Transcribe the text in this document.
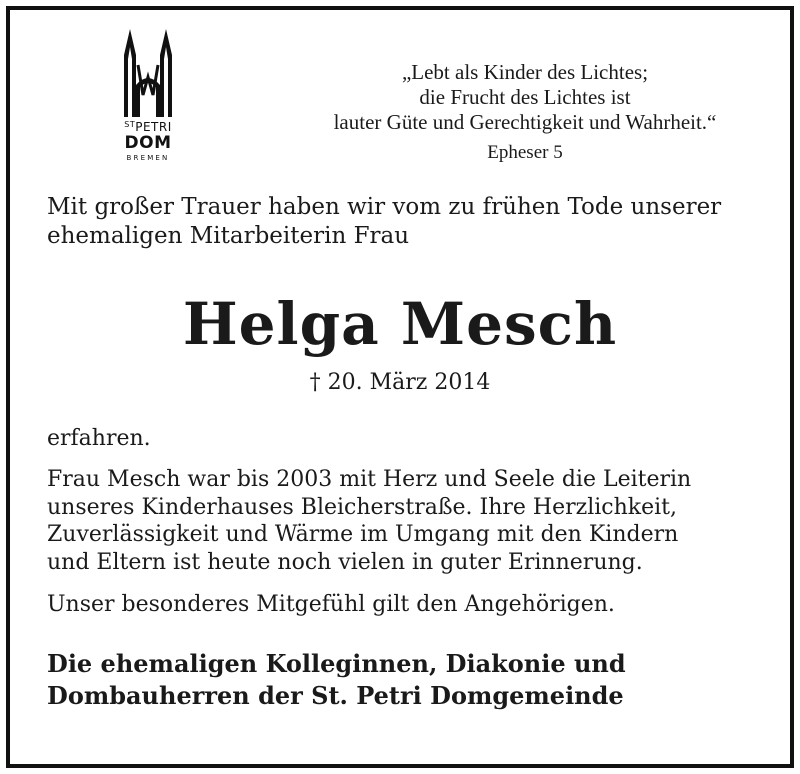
$^{ST}$PETRI
DOM
BREMEN
„Lebt als Kinder des Lichtes;
die Frucht des Lichtes ist
lauter Güte und Gerechtigkeit und Wahrheit.“
Epheser 5
Mit großer Trauer haben wir vom zu frühen Tode unserer
ehemaligen Mitarbeiterin Frau
Helga Mesch
† 20. März 2014
erfahren.
Frau Mesch war bis 2003 mit Herz und Seele die Leiterin
unseres Kinderhauses Bleicherstraße. Ihre Herzlichkeit,
Zuverlässigkeit und Wärme im Umgang mit den Kindern
und Eltern ist heute noch vielen in guter Erinnerung.
Unser besonderes Mitgefühl gilt den Angehörigen.
Die ehemaligen Kolleginnen, Diakonie und
Dombauherren der St. Petri Domgemeinde
